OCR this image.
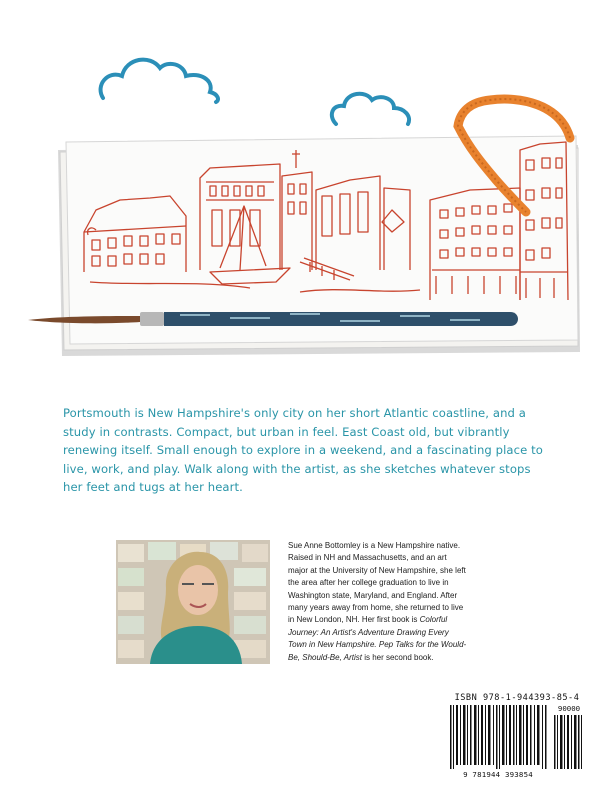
Portsmouth is New Hampshire's only city on her short Atlantic coastline, and a study in contrasts. Compact, but urban in feel. East Coast old, but vibrantly renewing itself. Small enough to explore in a weekend, and a fascinating place to live, work, and play. Walk along with the artist, as she sketches whatever stops her feet and tugs at her heart.

Sue Anne Bottomley is a New Hampshire native. Raised in NH and Massachusetts, and an art major at the University of New Hampshire, she left the area after her college graduation to live in Washington state, Maryland, and England. After many years away from home, she returned to live in New London, NH. Her first book is Colorful Journey: An Artist's Adventure Drawing Every Town in New Hampshire. Pep Talks for the Would-Be, Should-Be, Artist is her second book.
ISBN 978-1-944393-85-4
90000
9 781944 393854
